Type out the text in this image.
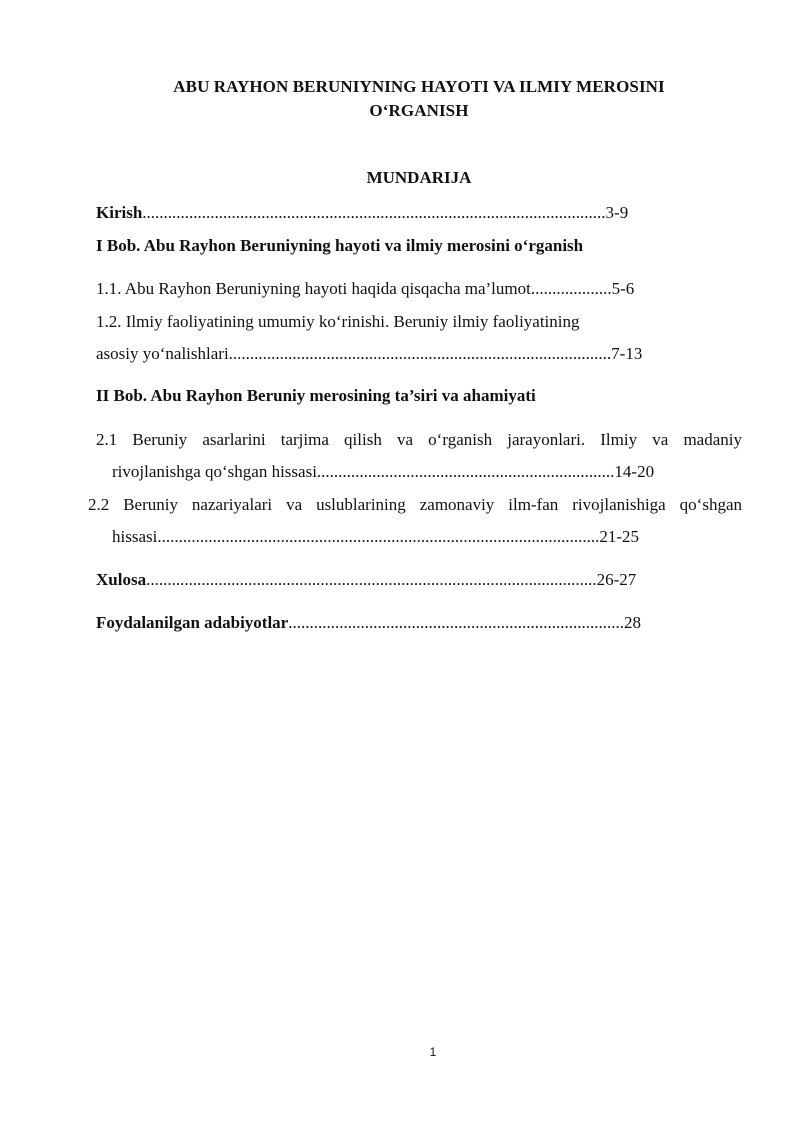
ABU RAYHON BERUNIYNING HAYOTI VA ILMIY MEROSINI
O‘RGANISH
MUNDARIJA
Kirish.............................................................................................................3-9
I Bob. Abu Rayhon Beruniyning hayoti va ilmiy merosini o‘rganish
1.1. Abu Rayhon Beruniyning hayoti haqida qisqacha ma’lumot...................5-6
1.2. Ilmiy faoliyatining umumiy ko‘rinishi. Beruniy ilmiy faoliyatining
asosiy yo‘nalishlari..........................................................................................7-13
II Bob. Abu Rayhon Beruniy merosining ta’siri va ahamiyati
2.1 Beruniy asarlarini tarjima qilish va o‘rganish jarayonlari. Ilmiy va madaniy
rivojlanishga qo‘shgan hissasi......................................................................14-20
2.2 Beruniy nazariyalari va uslublarining zamonaviy ilm-fan rivojlanishiga qo‘shgan
hissasi........................................................................................................21-25
Xulosa..........................................................................................................26-27
Foydalanilgan adabiyotlar...............................................................................28
1
